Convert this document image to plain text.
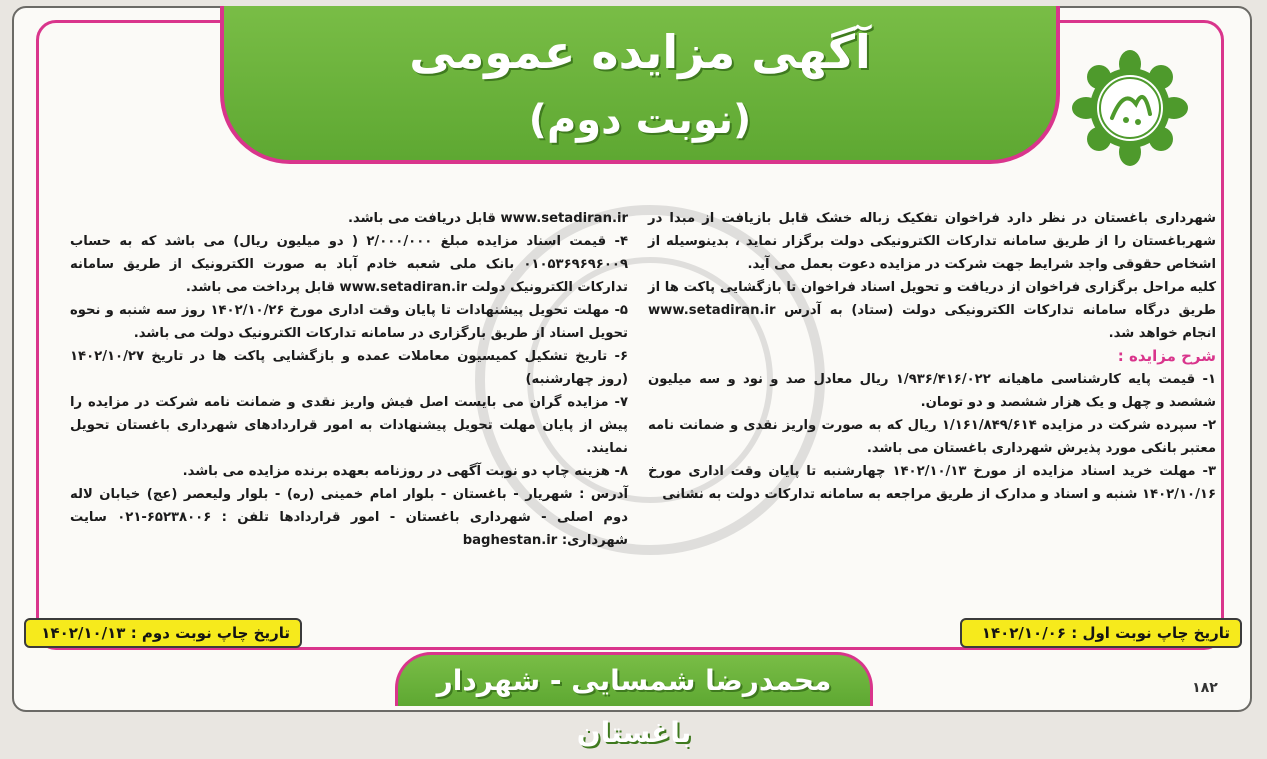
آگهی مزایده عمومی
(نوبت دوم)

شهرداری باغستان در نظر دارد فراخوان تفکیک زباله خشک قابل بازیافت از مبدا در شهرباغستان را از طریق سامانه تدارکات الکترونیکی دولت برگزار نماید ، بدینوسیله از اشخاص حقوقی واجد شرایط جهت شرکت در مزایده دعوت بعمل می آید.

کلیه مراحل برگزاری فراخوان از دریافت و تحویل اسناد فراخوان تا بازگشایی پاکت ها از طریق درگاه سامانه تدارکات الکترونیکی دولت (ستاد) به آدرس www.setadiran.ir انجام خواهد شد.

شرح مزایده :

۱- قیمت پایه کارشناسی ماهیانه ۱/۹۳۶/۴۱۶/۰۲۲ ریال معادل صد و نود و سه میلیون ششصد و چهل و یک هزار ششصد و دو تومان.

۲- سپرده شرکت در مزایده ۱/۱۶۱/۸۴۹/۶۱۴ ریال که به صورت واریز نقدی و ضمانت نامه معتبر بانکی مورد پذیرش شهرداری باغستان می باشد.

۳- مهلت خرید اسناد مزایده از مورخ ۱۴۰۲/۱۰/۱۳ چهارشنبه تا پایان وقت اداری مورخ ۱۴۰۲/۱۰/۱۶ شنبه و اسناد و مدارک از طریق مراجعه به سامانه تدارکات دولت به نشانی

www.setadiran.ir قابل دریافت می باشد.

۴- قیمت اسناد مزایده مبلغ ۲/۰۰۰/۰۰۰ ( دو میلیون ریال) می باشد که به حساب ۰۱۰۵۳۶۹۶۹۶۰۰۹ بانک ملی شعبه خادم آباد به صورت الکترونیک از طریق سامانه تدارکات الکترونیک دولت www.setadiran.ir قابل پرداخت می باشد.

۵- مهلت تحویل پیشنهادات تا پایان وقت اداری مورخ ۱۴۰۲/۱۰/۲۶ روز سه شنبه و نحوه تحویل اسناد از طریق بارگزاری در سامانه تدارکات الکترونیک دولت می باشد.

۶- تاریخ تشکیل کمیسیون معاملات عمده و بازگشایی پاکت ها در تاریخ ۱۴۰۲/۱۰/۲۷ (روز چهارشنبه)

۷- مزایده گران می بایست اصل فیش واریز نقدی و ضمانت نامه شرکت در مزایده را پیش از پایان مهلت تحویل پیشنهادات به امور قراردادهای شهرداری باغستان تحویل نمایند.

۸- هزینه چاپ دو نوبت آگهی در روزنامه بعهده برنده مزایده می باشد.

آدرس : شهریار - باغستان - بلوار امام خمینی (ره) - بلوار ولیعصر (عج) خیابان لاله دوم اصلی - شهرداری باغستان - امور قراردادها تلفن : ۶۵۲۳۸۰۰۶-۰۲۱ سایت شهرداری: baghestan.ir

تاریخ چاپ نوبت اول : ۱۴۰۲/۱۰/۰۶
تاریخ چاپ نوبت دوم : ۱۴۰۲/۱۰/۱۳
محمدرضا شمسایی - شهردار باغستان
۱۸۲
